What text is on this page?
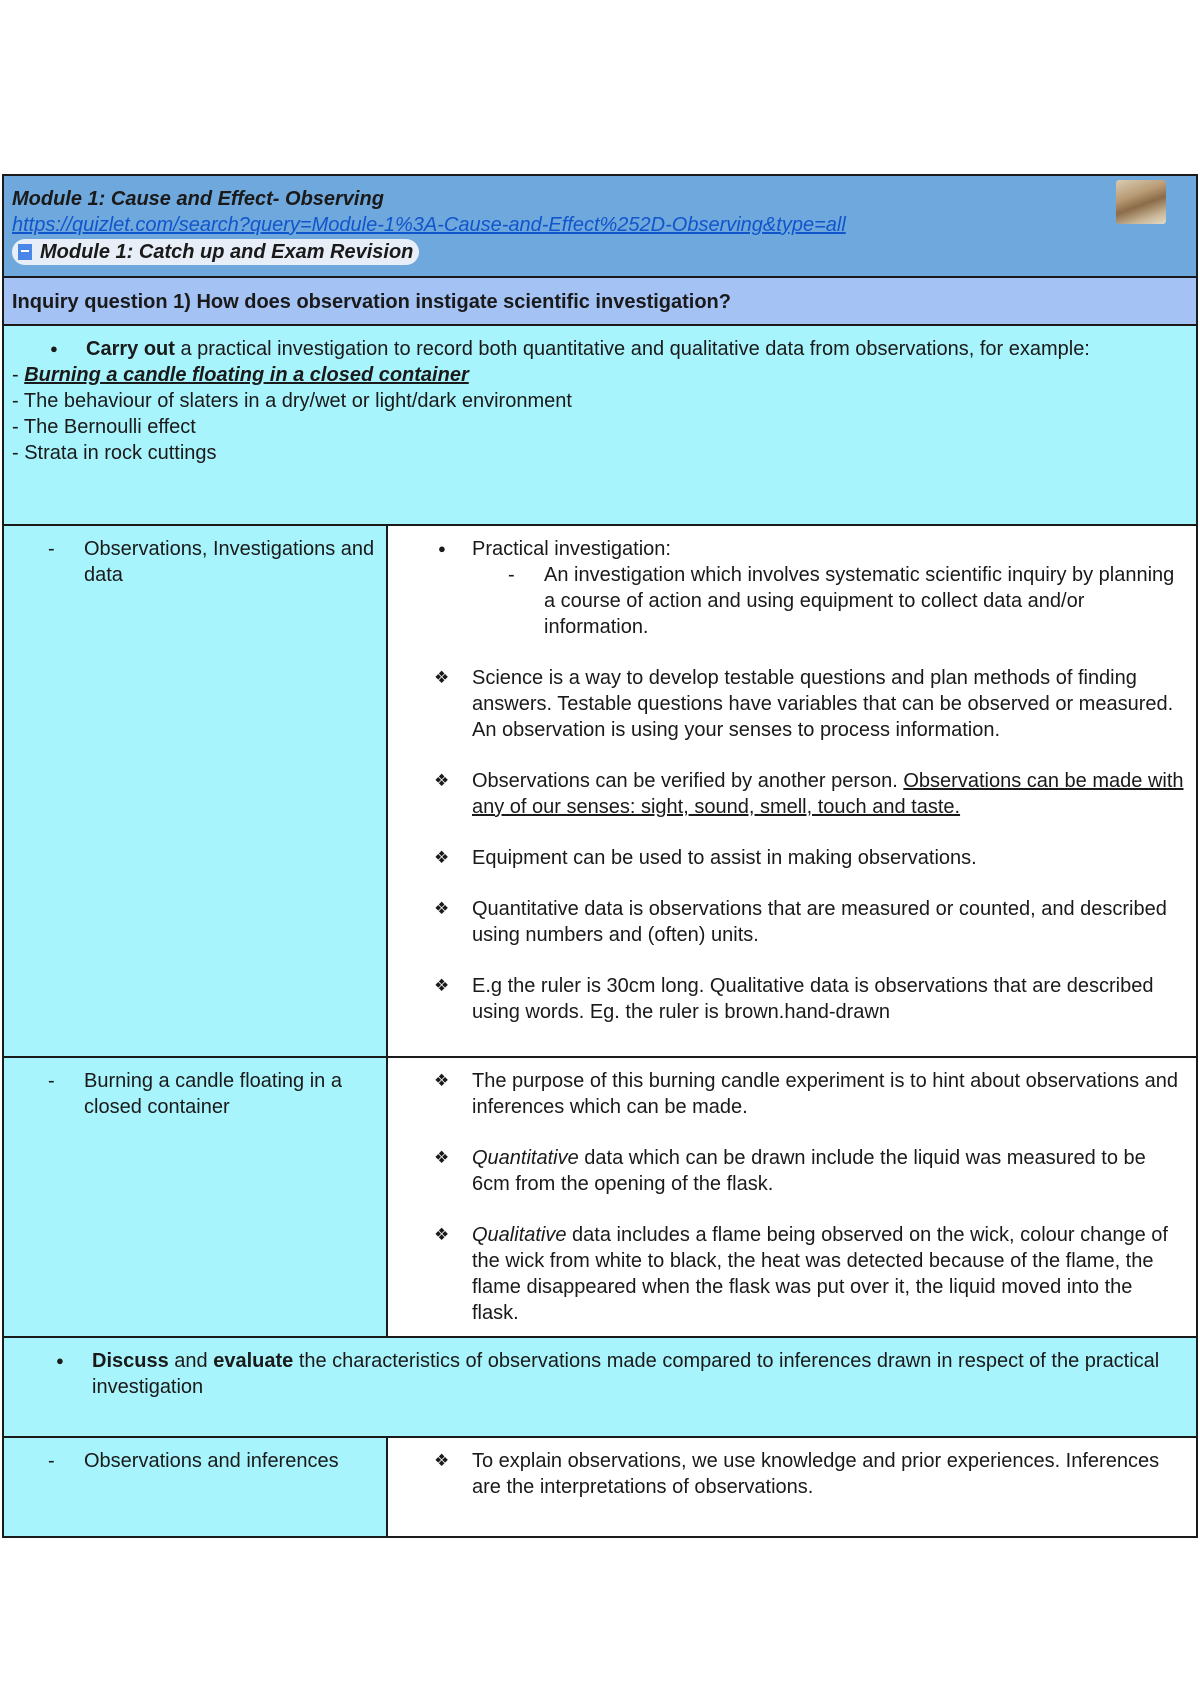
Module 1: Cause and Effect- Observing
https://quizlet.com/search?query=Module-1%3A-Cause-and-Effect%252D-Observing&type=all
Module 1: Catch up and Exam Revision
Inquiry question 1) How does observation instigate scientific investigation?
● Carry out a practical investigation to record both quantitative and qualitative data from observations, for example:
- Burning a candle floating in a closed container
- The behaviour of slaters in a dry/wet or light/dark environment
- The Bernoulli effect
- Strata in rock cuttings
- Observations, Investigations and data
● Practical investigation:
- An investigation which involves systematic scientific inquiry by planning a course of action and using equipment to collect data and/or information.
❖ Science is a way to develop testable questions and plan methods of finding answers. Testable questions have variables that can be observed or measured. An observation is using your senses to process information.
❖ Observations can be verified by another person. Observations can be made with any of our senses: sight, sound, smell, touch and taste.
❖ Equipment can be used to assist in making observations.
❖ Quantitative data is observations that are measured or counted, and described using numbers and (often) units.
❖ E.g the ruler is 30cm long. Qualitative data is observations that are described using words. Eg. the ruler is brown.hand-drawn
- Burning a candle floating in a closed container
❖ The purpose of this burning candle experiment is to hint about observations and inferences which can be made.
❖ Quantitative data which can be drawn include the liquid was measured to be 6cm from the opening of the flask.
❖ Qualitative data includes a flame being observed on the wick, colour change of the wick from white to black, the heat was detected because of the flame, the flame disappeared when the flask was put over it, the liquid moved into the flask.
● Discuss and evaluate the characteristics of observations made compared to inferences drawn in respect of the practical investigation
- Observations and inferences
❖	To explain observations, we use knowledge and prior experiences. Inferences are the interpretations of observations.
